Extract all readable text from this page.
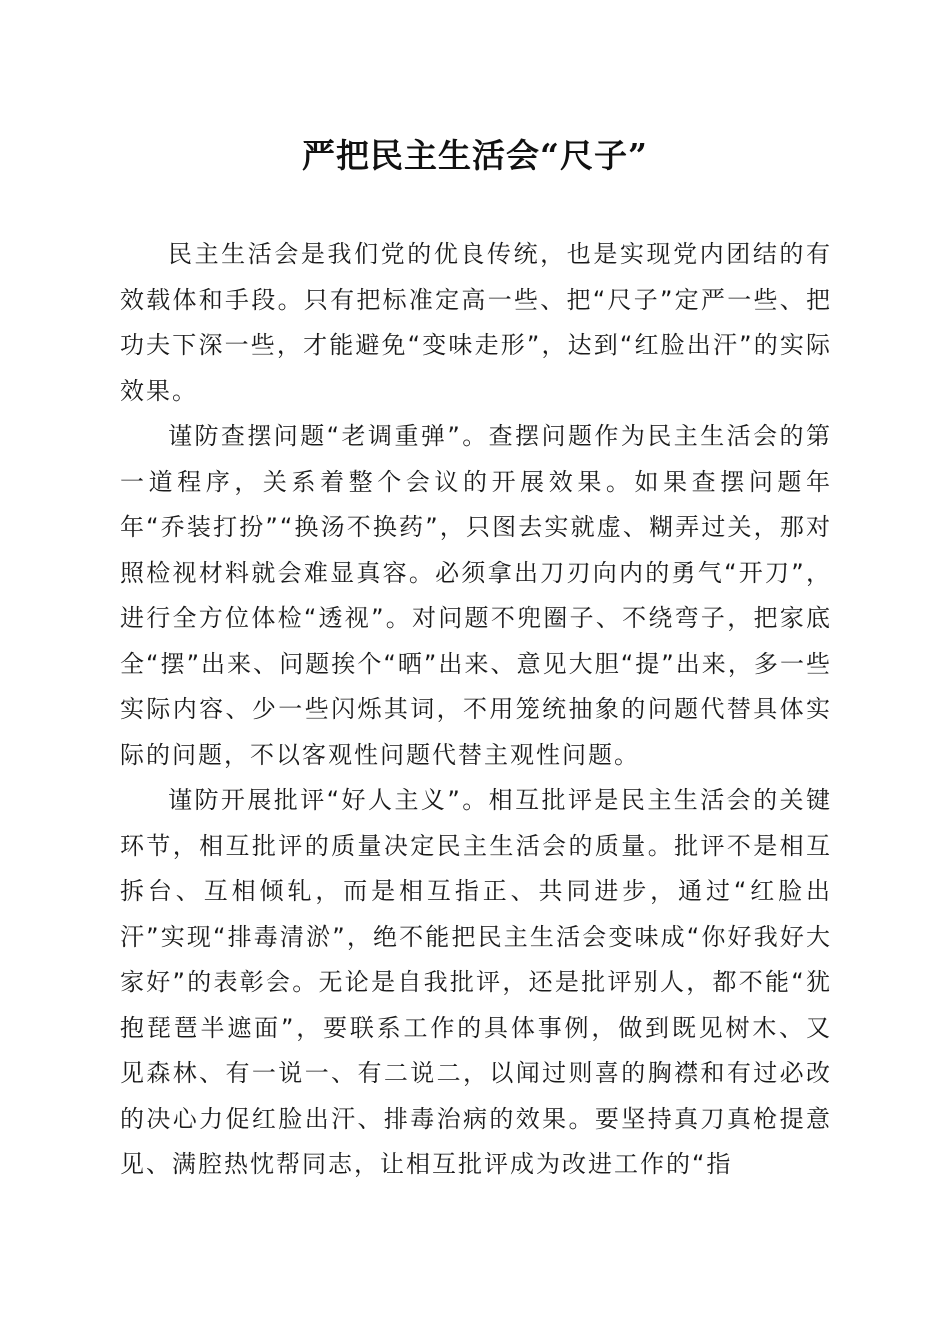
严把民主生活会“尺子”

民主生活会是我们党的优良传统，也是实现党内团结的有效载体和手段。只有把标准定高一些、把“尺子”定严一些、把功夫下深一些，才能避免“变味走形”，达到“红脸出汗”的实际效果。

谨防查摆问题“老调重弹”。查摆问题作为民主生活会的第一道程序，关系着整个会议的开展效果。如果查摆问题年年“乔装打扮”“换汤不换药”，只图去实就虚、糊弄过关，那对照检视材料就会难显真容。必须拿出刀刃向内的勇气“开刀”，进行全方位体检“透视”。对问题不兜圈子、不绕弯子，把家底全“摆”出来、问题挨个“晒”出来、意见大胆“提”出来，多一些实际内容、少一些闪烁其词，不用笼统抽象的问题代替具体实际的问题，不以客观性问题代替主观性问题。

谨防开展批评“好人主义”。相互批评是民主生活会的关键环节，相互批评的质量决定民主生活会的质量。批评不是相互拆台、互相倾轧，而是相互指正、共同进步，通过“红脸出汗”实现“排毒清淤”，绝不能把民主生活会变味成“你好我好大家好”的表彰会。无论是自我批评，还是批评别人，都不能“犹抱琵琶半遮面”，要联系工作的具体事例，做到既见树木、又见森林、有一说一、有二说二，以闻过则喜的胸襟和有过必改的决心力促红脸出汗、排毒治病的效果。要坚持真刀真枪提意见、满腔热忱帮同志，让相互批评成为改进工作的“指
